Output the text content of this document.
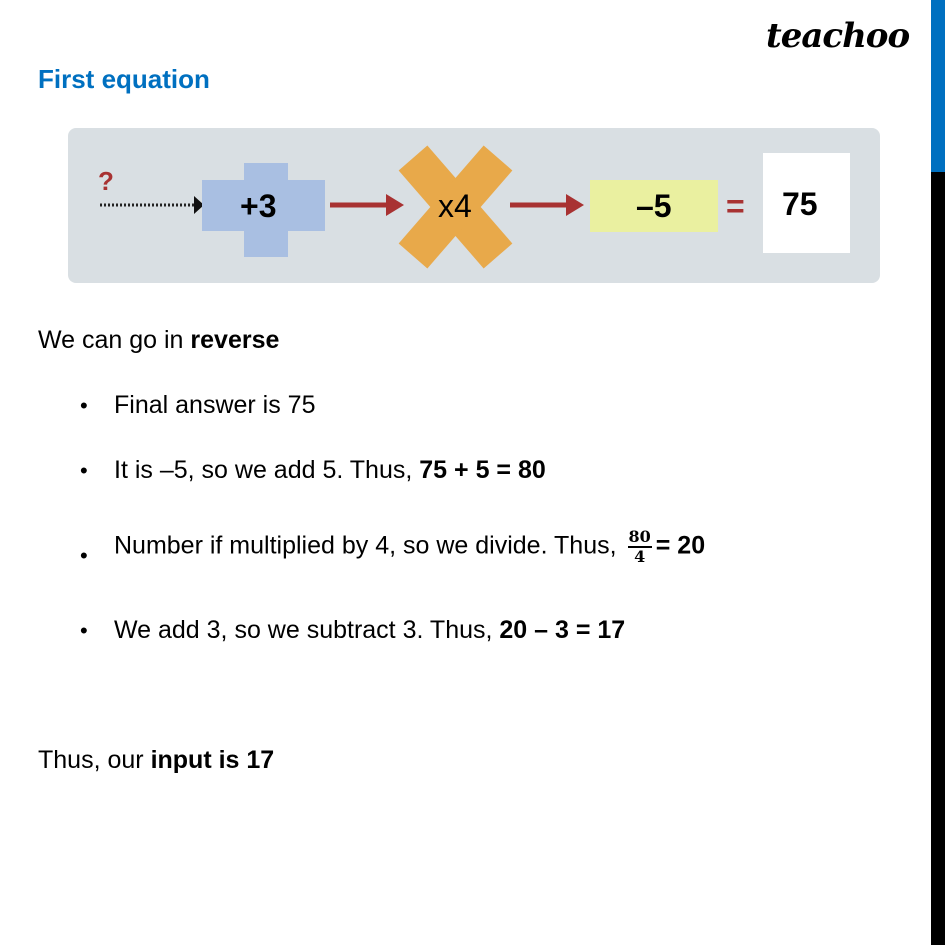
teachoo
First equation
?
+3	x4	–5 = 75
We can go in reverse
• Final answer is 75
• It is –5, so we add 5. Thus, 75 + 5 = 80
• Number if multiplied by 4, so we divide. Thus, $\frac{80}{4} = 20$
• We add 3, so we subtract 3. Thus, 20 – 3 = 17
Thus, our input is 17
